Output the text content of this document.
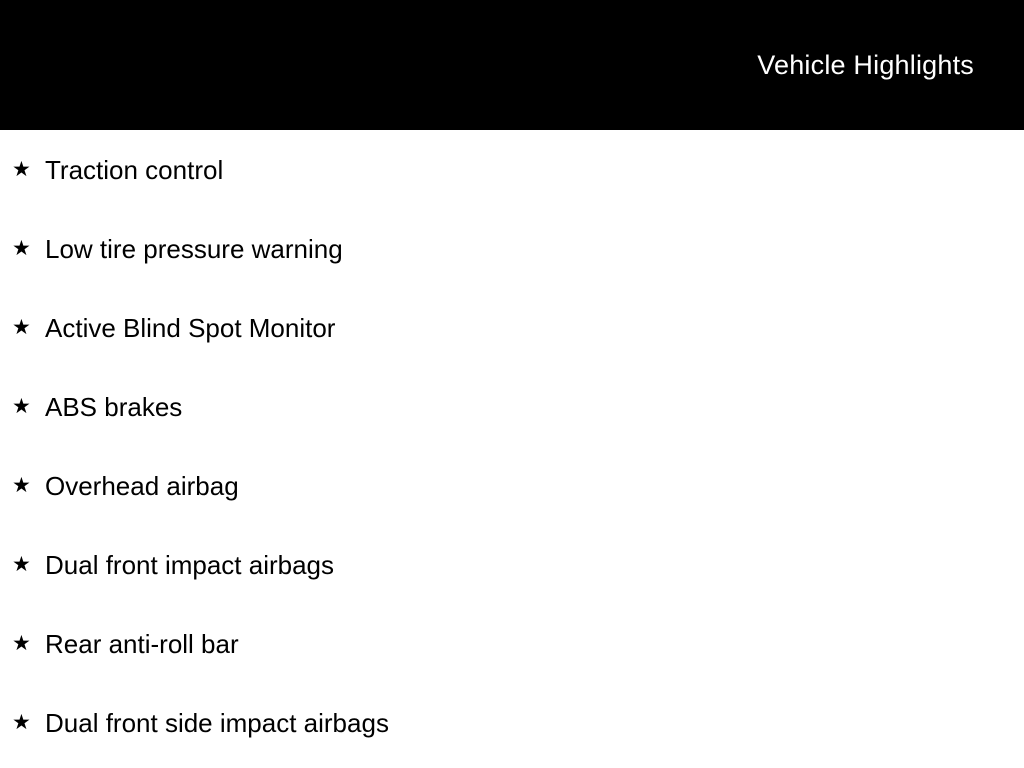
Vehicle Highlights
★ Traction control
★ Low tire pressure warning
★ Active Blind Spot Monitor
★ ABS brakes
★ Overhead airbag
★ Dual front impact airbags
★ Rear anti-roll bar
★ Dual front side impact airbags
